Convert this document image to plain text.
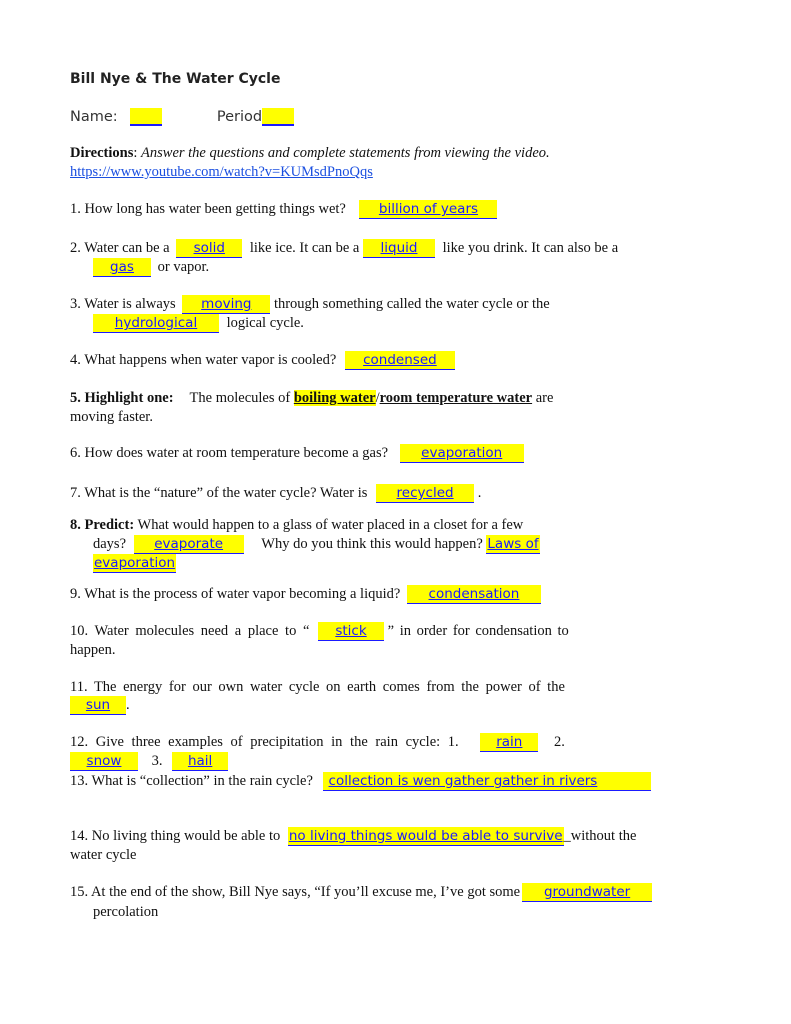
Bill Nye & The Water Cycle
Name:	Period
Directions: Answer the questions and complete statements from viewing the video.
https://www.youtube.com/watch?v=KUMsdPnoQqs
1. How long has water been getting things wet? billion of years
2. Water can be a solid like ice. It can be a liquid like you drink. It can also be a
gas or vapor.
3. Water is always moving through something called the water cycle or the
hydrological logical cycle.
4. What happens when water vapor is cooled? condensed
5. Highlight one: The molecules of boiling water/room temperature water are
moving faster.
6. How does water at room temperature become a gas? evaporation
7. What is the “nature” of the water cycle? Water is recycled .
8. Predict: What would happen to a glass of water placed in a closet for a few
days? evaporate	Why do you think this would happen? Laws of
evaporation
9. What is the process of water vapor becoming a liquid? condensation
10. Water molecules need a place to “ stick ” in order for condensation to
happen.
11. The energy for our own water cycle on earth comes from the power of the
sun .
12. Give three examples of precipitation in the rain cycle: 1.	rain 2.
snow 3. hail
13. What is “collection” in the rain cycle? collection is wen gather gather in rivers
14. No living thing would be able to no living things would be able to survive_without the
water cycle
15. At the end of the show, Bill Nye says, “If you’ll excuse me, I’ve got some groundwater
percolation
